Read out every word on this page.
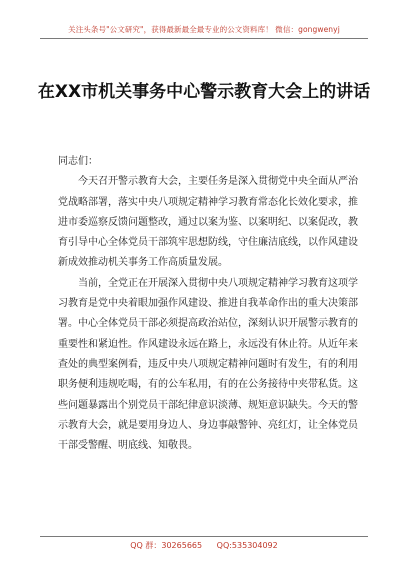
关注头条号"公文研究"，获得最新最全最专业的公文资料库！ 微信：gongwenyj
在XX市机关事务中心警示教育大会上的讲话

同志们：

今天召开警示教育大会，主要任务是深入贯彻党中央全面从严治党战略部署，落实中央八项规定精神学习教育常态化长效化要求，推进市委巡察反馈问题整改，通过以案为鉴、以案明纪、以案促改，教育引导中心全体党员干部筑牢思想防线，守住廉洁底线，以作风建设新成效推动机关事务工作高质量发展。

当前，全党正在开展深入贯彻中央八项规定精神学习教育这项学习教育是党中央着眼加强作风建设、推进自我革命作出的重大决策部署。中心全体党员干部必须提高政治站位，深刻认识开展警示教育的重要性和紧迫性。作风建设永远在路上，永远没有休止符。从近年来查处的典型案例看，违反中央八项规定精神问题时有发生，有的利用职务便利违规吃喝，有的公车私用，有的在公务接待中夹带私货。这些问题暴露出个别党员干部纪律意识淡薄、规矩意识缺失。今天的警示教育大会，就是要用身边人、身边事敲警钟、亮红灯，让全体党员干部受警醒、明底线、知敬畏。

QQ 群：30265665 QQ:535304092
